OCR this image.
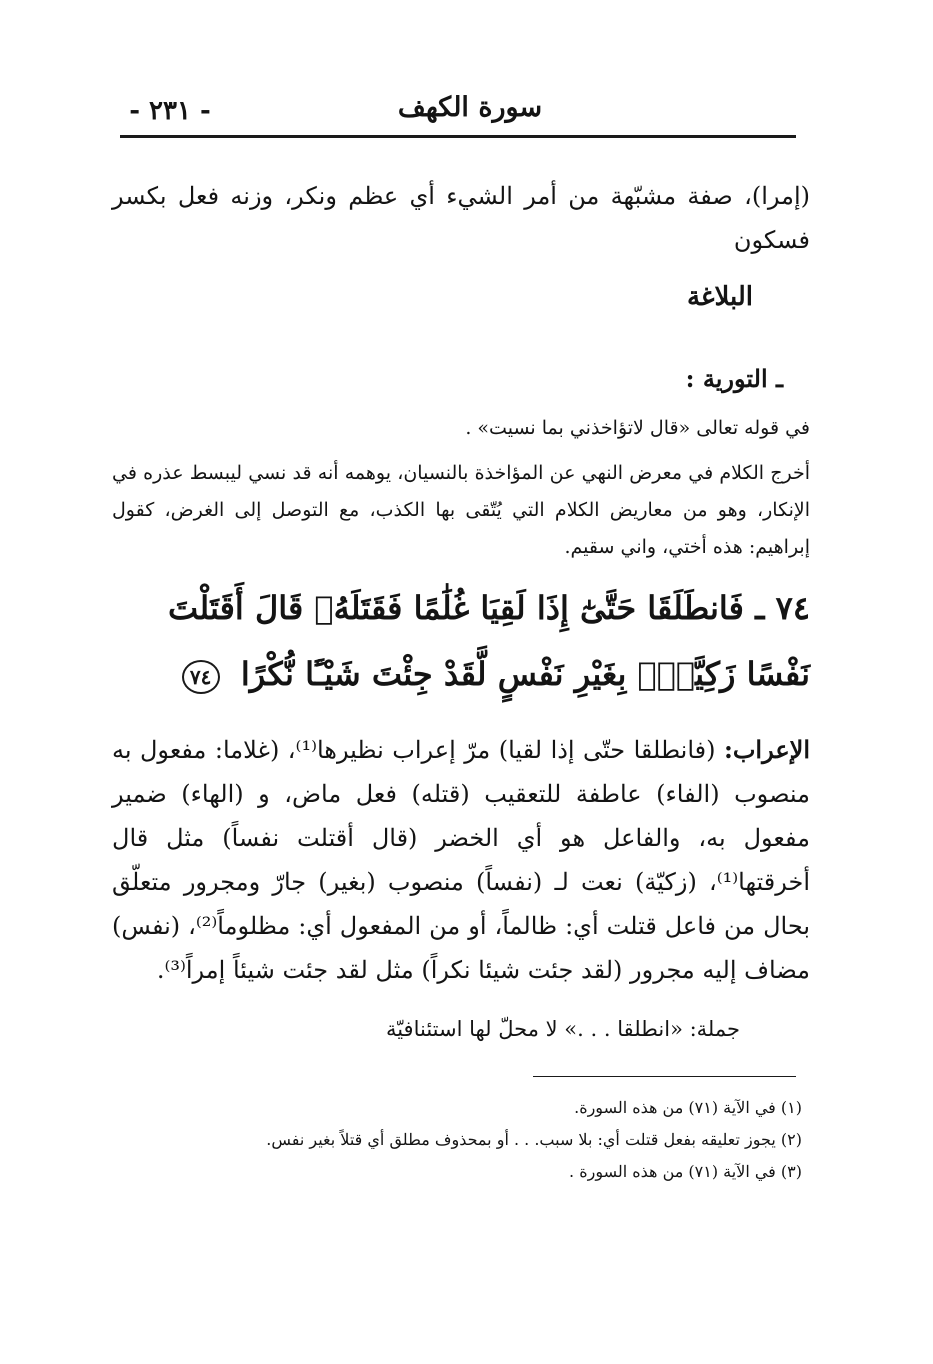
سورة الكهف
- ٢٣١ -
(إمرا)، صفة مشبّهة من أمر الشيء أي عظم ونكر، وزنه فعل بكسر فسكون
البلاغة
ـ التورية :
في قوله تعالى «قال لاتؤاخذني بما نسيت» .
أخرج الكلام في معرض النهي عن المؤاخذة بالنسيان، يوهمه أنه قد نسي ليبسط عذره في الإنكار، وهو من معاريض الكلام التي يُتّقى بها الكذب، مع التوصل إلى الغرض، كقول إبراهيم: هذه أختي، واني سقيم.
٧٤ ـ فَانطَلَقَا حَتَّىٰٓ إِذَا لَقِيَا غُلَٰمًا فَقَتَلَهُۥ قَالَ أَقَتَلْتَ نَفْسًا زَكِيَّةًۢ بِغَيْرِ نَفْسٍ لَّقَدْ جِئْتَ شَيْـًٔا نُّكْرًا ٧٤
الإعراب: (فانطلقا حتّى إذا لقيا) مرّ إعراب نظيرها⁽¹⁾، (غلاما: مفعول به منصوب (الفاء) عاطفة للتعقيب (قتله) فعل ماض، و (الهاء) ضمير مفعول به، والفاعل هو أي الخضر (قال أقتلت نفساً) مثل قال أخرقتها⁽¹⁾، (زكيّة) نعت لـ (نفساً) منصوب (بغير) جارّ ومجرور متعلّق بحال من فاعل قتلت أي: ظالماً، أو من المفعول أي: مظلوماً⁽²⁾، (نفس) مضاف إليه مجرور (لقد جئت شيئا نكراً) مثل لقد جئت شيئاً إمراً⁽³⁾.
جملة: «انطلقا . . .» لا محلّ لها استئنافيّة
(١) في الآية (٧١) من هذه السورة.
(٢) يجوز تعليقه بفعل قتلت أي: بلا سبب. . . أو بمحذوف مطلق أي قتلاً بغير نفس.
(٣) في الآية (٧١) من هذه السورة .
